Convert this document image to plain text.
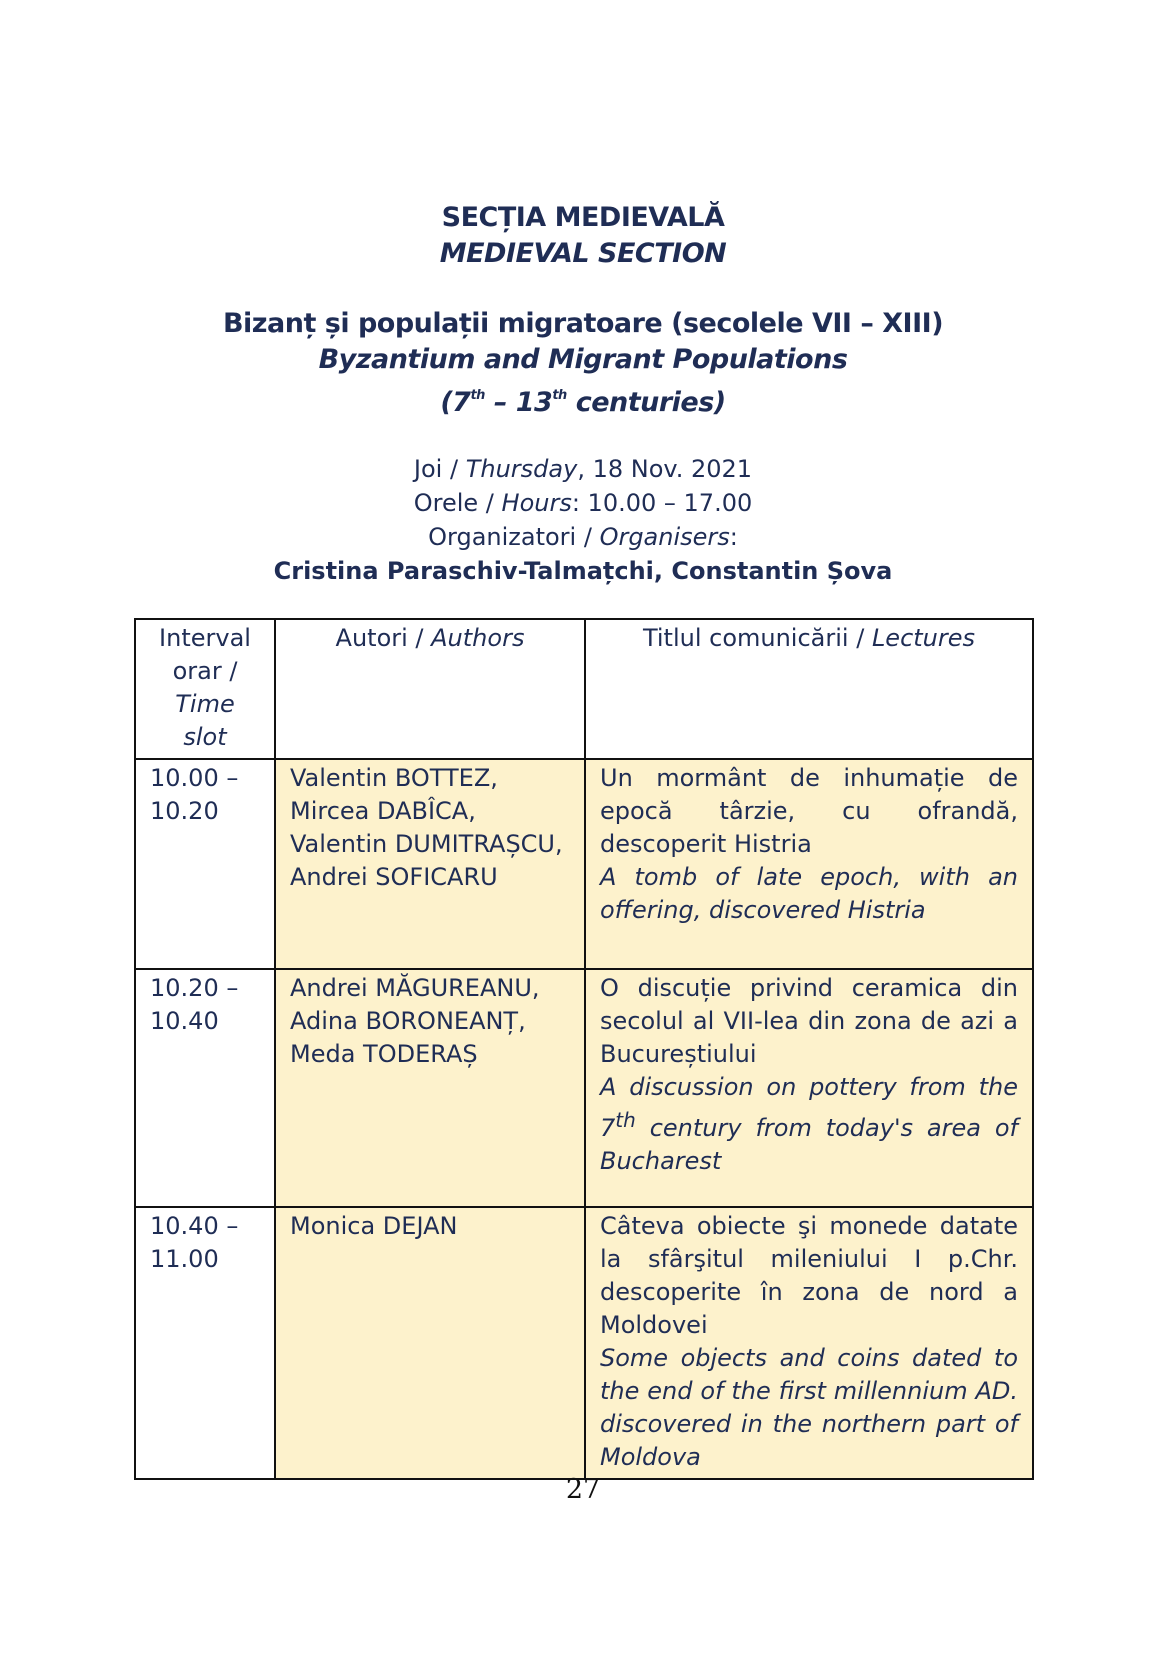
SECȚIA MEDIEVALĂ
MEDIEVAL SECTION
Bizanț și populații migratoare (secolele VII – XIII)
Byzantium and Migrant Populations
(7th – 13th centuries)
Joi / Thursday, 18 Nov. 2021
Orele / Hours: 10.00 – 17.00
Organizatori / Organisers:
Cristina Paraschiv-Talmațchi, Constantin Șova
Interval orar / Time slot	Autori / Authors	Titlul comunicării / Lectures
10.00 – 10.20	Valentin BOTTEZ, Mircea DABÎCA, Valentin DUMITRAȘCU, Andrei SOFICARU	Un mormânt de inhumație de epocă târzie, cu ofrandă, descoperit Histria
A tomb of late epoch, with an offering, discovered Histria

10.20 – 10.40	Andrei MĂGUREANU, Adina BORONEANȚ, Meda TODERAȘ	O discuție privind ceramica din secolul al VII-lea din zona de azi a Bucureștiului
A discussion on pottery from the 7th century from today's area of Bucharest

10.40 – 11.00	Monica DEJAN	Câteva obiecte şi monede datate la sfârşitul mileniului I p.Chr. descoperite în zona de nord a Moldovei
Some objects and coins dated to the end of the first millennium AD. discovered in the northern part of Moldova
27
